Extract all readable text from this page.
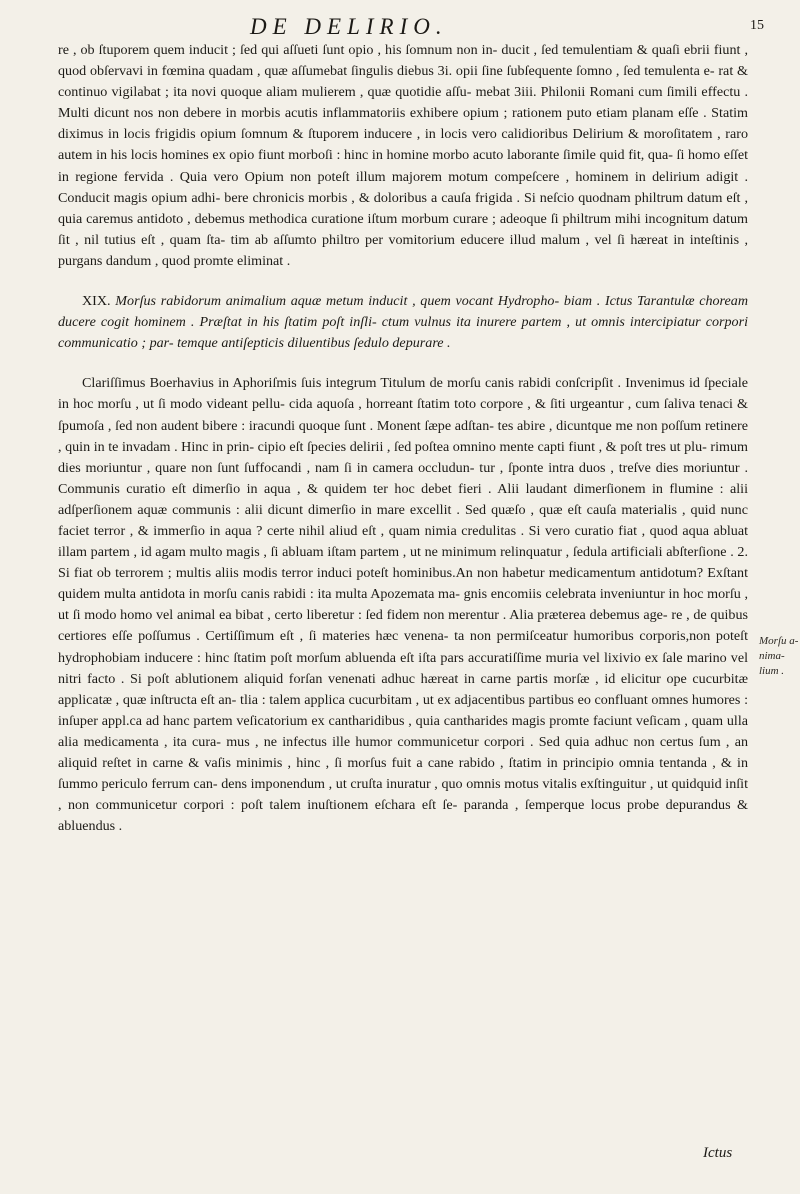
DE DELIRIO.	15

re , ob ſtuporem quem inducit ; ſed qui aſſueti ſunt opio , his ſomnum non in- ducit , ſed temulentiam & quaſi ebrii fiunt , quod obſervavi in fœmina quadam , quæ aſſumebat ſingulis diebus 3i. opii ſine ſubſequente ſomno , ſed temulenta e- rat & continuo vigilabat ; ita novi quoque aliam mulierem , quæ quotidie aſſu- mebat 3iii. Philonii Romani cum ſimili effectu . Multi dicunt nos non debere in morbis acutis inflammatoriis exhibere opium ; rationem puto etiam planam eſſe . Statim diximus in locis frigidis opium ſomnum & ſtuporem inducere , in locis vero calidioribus Delirium & moroſitatem , raro autem in his locis homines ex opio fiunt morboſi : hinc in homine morbo acuto laborante ſimile quid fit, qua- ſi homo eſſet in regione fervida . Quia vero Opium non poteſt illum majorem motum compeſcere , hominem in delirium adigit . Conducit magis opium adhi- bere chronicis morbis , & doloribus a cauſa frigida . Si neſcio quodnam philtrum datum eſt , quia caremus antidoto , debemus methodica curatione iſtum morbum curare ; adeoque ſi philtrum mihi incognitum datum ſit , nil tutius eſt , quam ſta- tim ab aſſumto philtro per vomitorium educere illud malum , vel ſi hæreat in inteſtinis , purgans dandum , quod promte eliminat .

XIX. Morſus rabidorum animalium aquæ metum inducit , quem vocant Hydropho- biam . Ictus Tarantulæ choream ducere cogit hominem . Præſtat in his ſtatim poſt inſli- ctum vulnus ita inurere partem , ut omnis intercipiatur corpori communicatio ; par- temque antiſepticis diluentibus ſedulo depurare .

Clariſſimus Boerhavius in Aphoriſmis ſuis integrum Titulum de morſu canis rabidi conſcripſit . Invenimus id ſpeciale in hoc morſu , ut ſi modo videant pellu- cida aquoſa , horreant ſtatim toto corpore , & ſiti urgeantur , cum ſaliva tenaci & ſpumoſa , ſed non audent bibere : iracundi quoque ſunt . Monent ſæpe adſtan- tes abire , dicuntque me non poſſum retinere , quin in te invadam . Hinc in prin- cipio eſt ſpecies delirii , ſed poſtea omnino mente capti fiunt , & poſt tres ut plu- rimum dies moriuntur , quare non ſunt ſuffocandi , nam ſi in camera occludun- tur , ſponte intra duos , treſve dies moriuntur . Communis curatio eſt dimerſio in aqua , & quidem ter hoc debet fieri . Alii laudant dimerſionem in flumine : alii adſperſionem aquæ communis : alii dicunt dimerſio in mare excellit . Sed quæſo , quæ eſt cauſa materialis , quid nunc faciet terror , & immerſio in aqua ? certe nihil aliud eſt , quam nimia credulitas . Si vero curatio fiat , quod aqua abluat illam partem , id agam multo magis , ſi abluam iſtam partem , ut ne minimum relinquatur , ſedula artificiali abſterſione . 2. Si fiat ob terrorem ; multis aliis modis terror induci poteſt hominibus.An non habetur medicamentum antidotum? Exſtant quidem multa antidota in morſu canis rabidi : ita multa Apozemata ma- gnis encomiis celebrata inveniuntur in hoc morſu , ut ſi modo homo vel animal ea bibat , certo liberetur : ſed fidem non merentur . Alia præterea debemus age- re , de quibus certiores eſſe poſſumus . Certiſſimum eſt , ſi materies hæc venena- ta non permiſceatur humoribus corporis,non poteſt hydrophobiam inducere : hinc ſtatim poſt morſum abluenda eſt iſta pars accuratiſſime muria vel lixivio ex ſale marino vel nitri facto . Si poſt ablutionem aliquid forſan venenati adhuc hæreat in carne partis morſæ , id elicitur ope cucurbitæ applicatæ , quæ inſtructa eſt an- tlia : talem applica cucurbitam , ut ex adjacentibus partibus eo confluant omnes humores : inſuper appl.ca ad hanc partem veſicatorium ex cantharidibus , quia cantharides magis promte faciunt veſicam , quam ulla alia medicamenta , ita cura- mus , ne infectus ille humor communicetur corpori . Sed quia adhuc non certus ſum , an aliquid reſtet in carne & vaſis minimis , hinc , ſi morſus fuit a cane rabido , ſtatim in principio omnia tentanda , & in ſummo periculo ferrum can- dens imponendum , ut cruſta inuratur , quo omnis motus vitalis exſtinguitur , ut quidquid inſit , non communicetur corpori : poſt talem inuſtionem eſchara eſt ſe- paranda , ſemperque locus probe depurandus & abluendus .

Morſu a- nima- lium .
Ictus
